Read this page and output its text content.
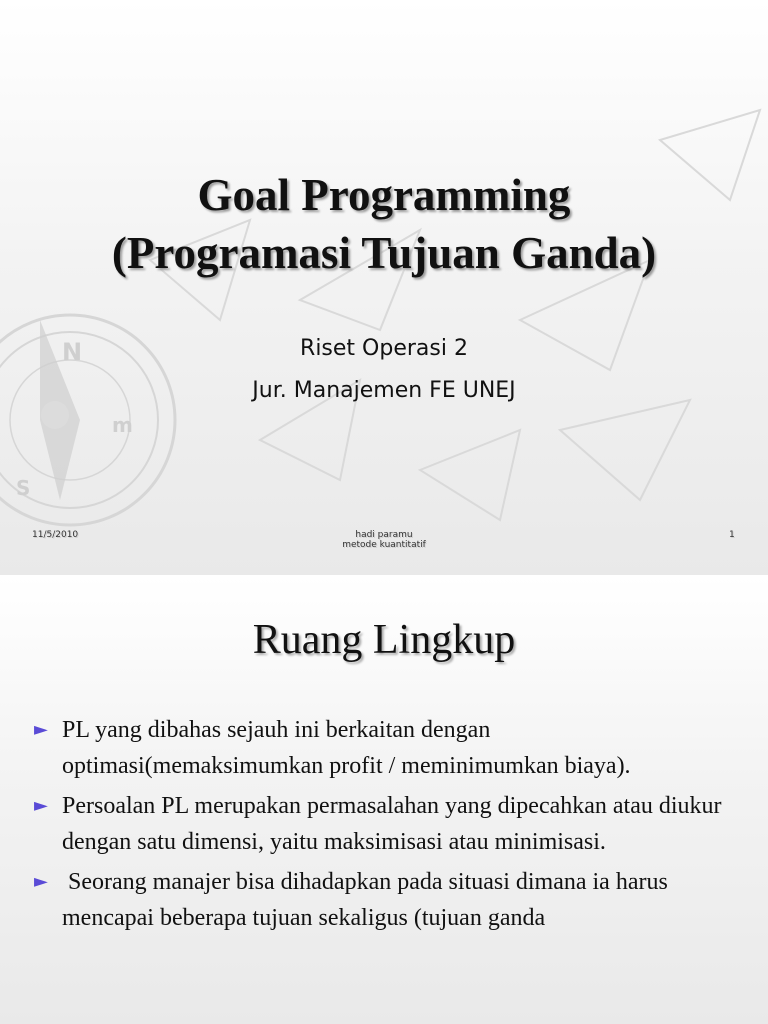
N
S
m
Goal Programming
(Programasi Tujuan Ganda)
Riset Operasi 2
Jur. Manajemen FE UNEJ
11/5/2010	hadi paramu
metode kuantitatif
1
Ruang Lingkup
► PL yang dibahas sejauh ini berkaitan dengan optimasi(memaksimumkan profit / meminimumkan biaya).
► Persoalan PL merupakan permasalahan yang dipecahkan atau diukur dengan satu dimensi, yaitu maksimisasi atau minimisasi.
► Seorang manajer bisa dihadapkan pada situasi dimana ia harus mencapai beberapa tujuan sekaligus (tujuan ganda
